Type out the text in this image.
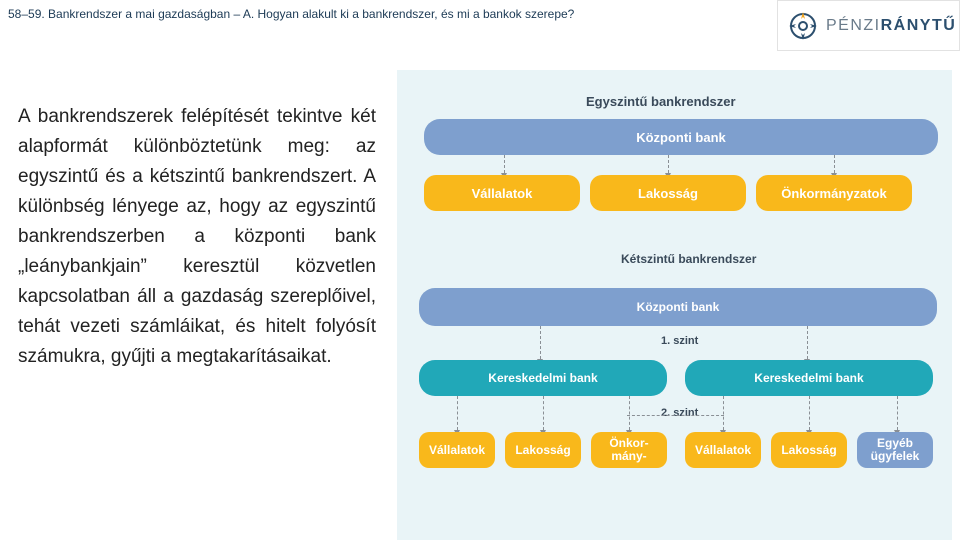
58–59. Bankrendszer a mai gazdaságban – A. Hogyan alakult ki a bankrendszer, és mi a bankok szerepe?
PÉNZIRÁNYTŰ
A bankrendszerek felépítését tekintve két alapformát különböztetünk meg: az egyszintű és a kétszintű bankrendszert. A különbség lényege az, hogy az egyszintű bankrendszerben a központi bank „leánybankjain” keresztül közvetlen kapcsolatban áll a gazdaság szereplőivel, tehát vezeti számláikat, és hitelt folyósít számukra, gyűjti a megtakarításaikat.
Egyszintű bankrendszer
Központi bank
Vállalatok	Lakosság	Önkormányzatok
Kétszintű bankrendszer
Központi bank
1. szint
Kereskedelmi bank	Kereskedelmi bank
2. szint
Vállalatok	Lakosság	Önkor-
mány-	Vállalatok	Lakosság	Egyéb
ügyfelek
